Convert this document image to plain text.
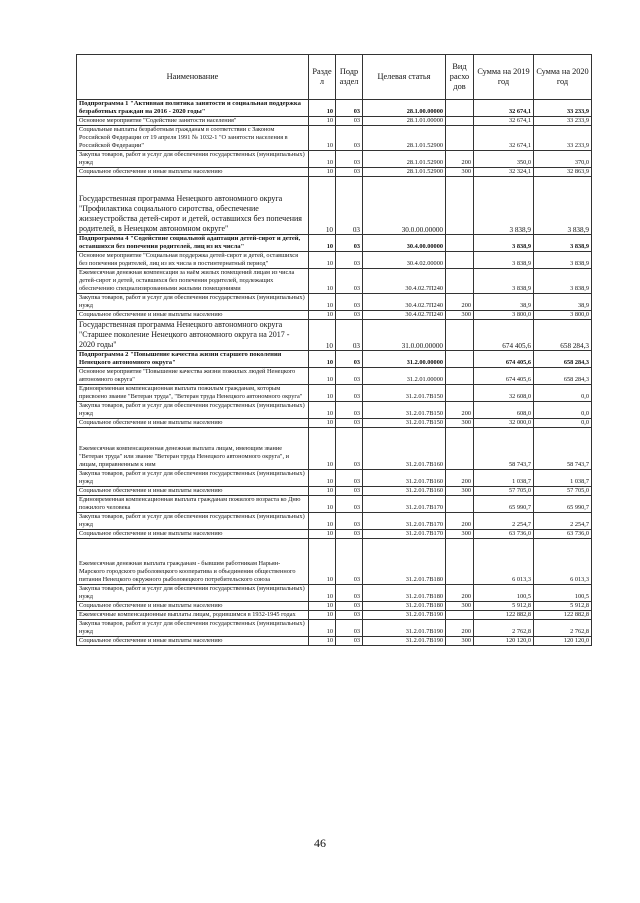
Наименование	Разде л	Подр аздел	Целевая статья	Вид расхо дов	Сумма на 2019 год	Сумма на 2020 год
Подпрограмма 1 "Активная политика занятости и социальная поддержка безработных граждан на 2016 - 2020 годы"	10	03	28.1.00.00000		32 674,1	33 233,9
Основное мероприятие "Содействие занятости населения"	10	03	28.1.01.00000		32 674,1	33 233,9
Социальные выплаты безработным гражданам в соответствии с Законом Российской Федерации от 19 апреля 1991 № 1032-1 "О занятости населения в Российской Федерации"	10	03	28.1.01.52900		32 674,1	33 233,9
Закупка товаров, работ и услуг для обеспечения государственных (муниципальных) нужд	10	03	28.1.01.52900	200	350,0	370,0
Социальное обеспечение и иные выплаты населению	10	03	28.1.01.52900	300	32 324,1	32 863,9
Государственная программа Ненецкого автономного округа "Профилактика социального сиротства, обеспечение жизнеустройства детей-сирот и детей, оставшихся без попечения родителей, в Ненецком автономном округе"	10	03	30.0.00.00000		3 838,9	3 838,9
Подпрограмма 4 "Содействие социальной адаптации детей-сирот и детей, оставшихся без попечения родителей, лиц из их числа"	10	03	30.4.00.00000		3 838,9	3 838,9
Основное мероприятие "Социальная поддержка детей-сирот и детей, оставшихся без попечения родителей, лиц из их числа в постинтернатный период"	10	03	30.4.02.00000		3 838,9	3 838,9
Ежемесячная денежная компенсация за наём жилых помещений лицам из числа детей-сирот и детей, оставшихся без попечения родителей, подлежащих обеспечению специализированными жилыми помещениями	10	03	30.4.02.7П240		3 838,9	3 838,9
Закупка товаров, работ и услуг для обеспечения государственных (муниципальных) нужд	10	03	30.4.02.7П240	200	38,9	38,9
Социальное обеспечение и иные выплаты населению	10	03	30.4.02.7П240	300	3 800,0	3 800,0
Государственная программа Ненецкого автономного округа "Старшее поколение Ненецкого автономного округа на 2017 - 2020 годы"	10	03	31.0.00.00000		674 405,6	658 284,3
Подпрограмма 2 "Повышение качества жизни старшего поколения Ненецкого автономного округа"	10	03	31.2.00.00000		674 405,6	658 284,3
Основное мероприятие "Повышение качества жизни пожилых людей Ненецкого автономного округа"	10	03	31.2.01.00000		674 405,6	658 284,3
Единовременная компенсационная выплата пожилым гражданам, которым присвоено звание "Ветеран труда", "Ветеран труда Ненецкого автономного округа"	10	03	31.2.01.7В150		32 608,0	0,0
Закупка товаров, работ и услуг для обеспечения государственных (муниципальных) нужд	10	03	31.2.01.7В150	200	608,0	0,0
Социальное обеспечение и иные выплаты населению	10	03	31.2.01.7В150	300	32 000,0	0,0
Ежемесячная компенсационная денежная выплата лицам, имеющим звание "Ветеран труда" или звание "Ветеран труда Ненецкого автономного округа", и лицам, приравненным к ним	10	03	31.2.01.7В160		58 743,7	58 743,7
Закупка товаров, работ и услуг для обеспечения государственных (муниципальных) нужд	10	03	31.2.01.7В160	200	1 038,7	1 038,7
Социальное обеспечение и иные выплаты населению	10	03	31.2.01.7В160	300	57 705,0	57 705,0
Единовременная компенсационная выплата гражданам пожилого возраста ко Дню пожилого человека	10	03	31.2.01.7В170		65 990,7	65 990,7
Закупка товаров, работ и услуг для обеспечения государственных (муниципальных) нужд	10	03	31.2.01.7В170	200	2 254,7	2 254,7
Социальное обеспечение и иные выплаты населению	10	03	31.2.01.7В170	300	63 736,0	63 736,0
Ежемесячная денежная выплата гражданам - бывшим работникам Нарьян-Марского городского рыболовецкого кооператива и объединения общественного питания Ненецкого окружного рыболовецкого потребительского союза	10	03	31.2.01.7В180		6 013,3	6 013,3
Закупка товаров, работ и услуг для обеспечения государственных (муниципальных) нужд	10	03	31.2.01.7В180	200	100,5	100,5
Социальное обеспечение и иные выплаты населению	10	03	31.2.01.7В180	300	5 912,8	5 912,8
Ежемесячные компенсационные выплаты лицам, родившимся в 1932-1945 годах	10	03	31.2.01.7В190		122 882,8	122 882,8
Закупка товаров, работ и услуг для обеспечения государственных (муниципальных) нужд	10	03	31.2.01.7В190	200	2 762,8	2 762,8
Социальное обеспечение и иные выплаты населению	10	03	31.2.01.7В190	300	120 120,0	120 120,0
46
